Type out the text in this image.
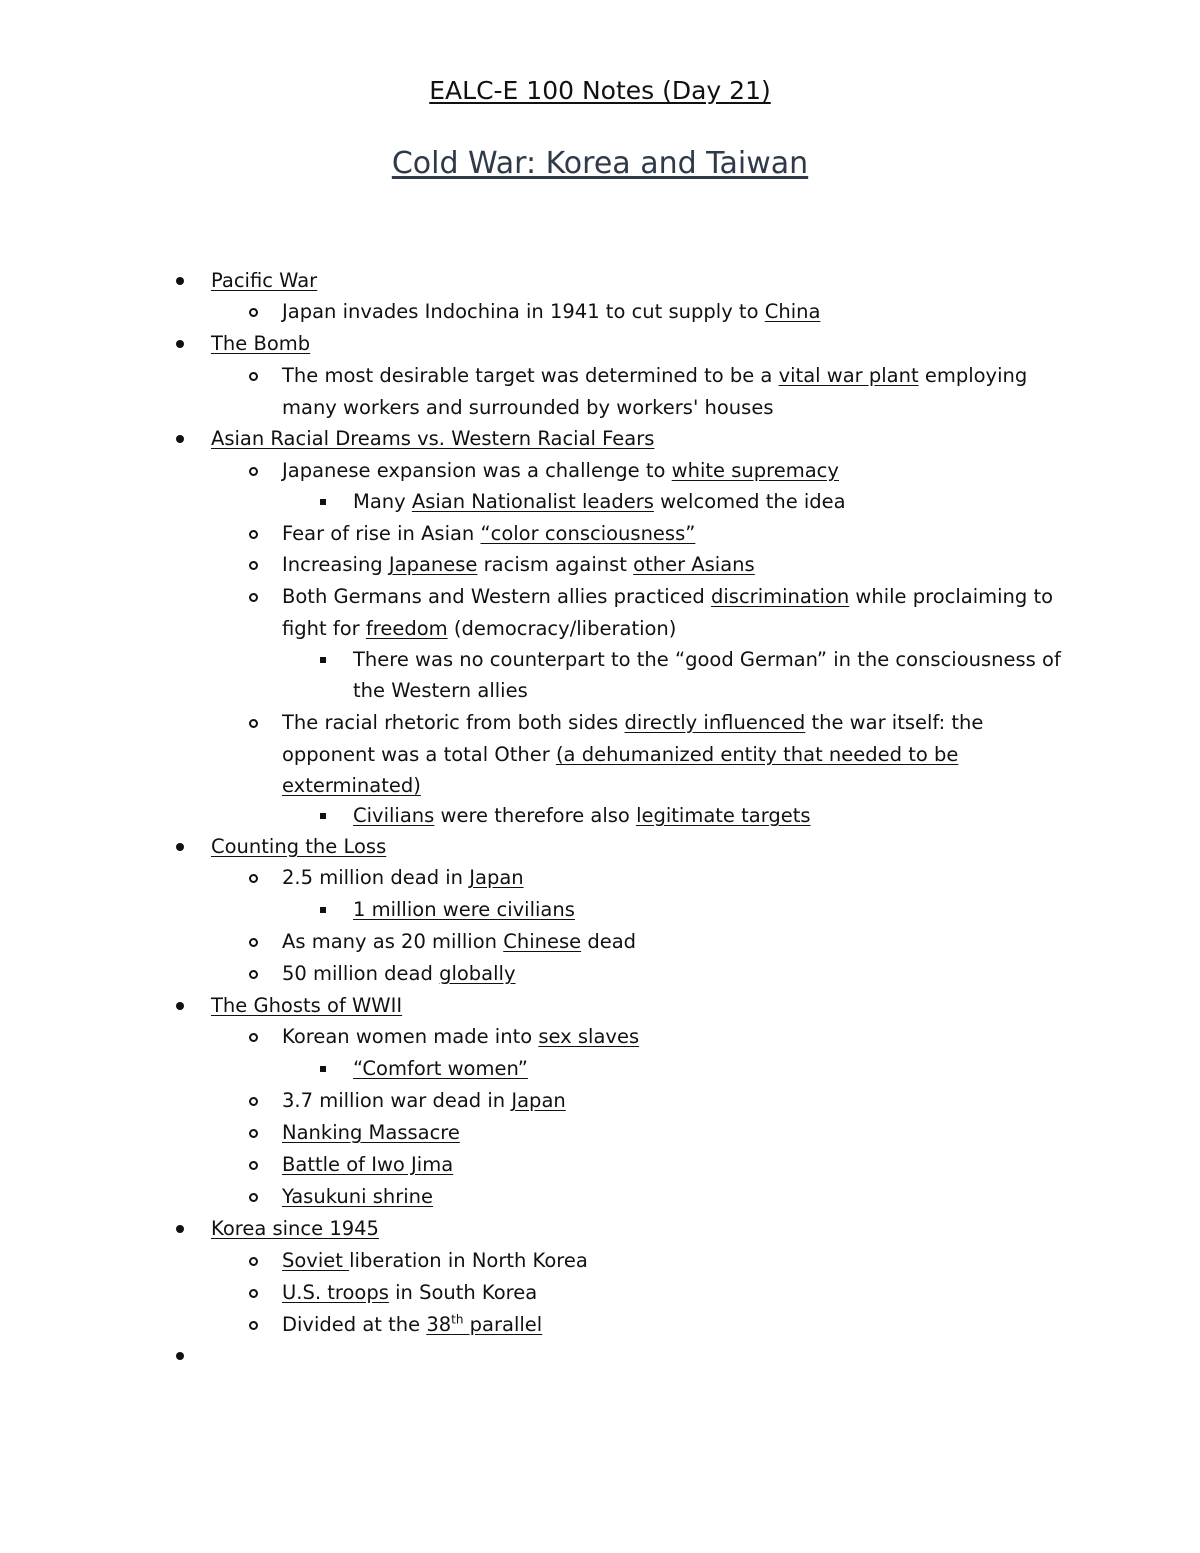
EALC-E 100 Notes (Day 21)
Cold War: Korea and Taiwan
Pacific War
Japan invades Indochina in 1941 to cut supply to China
The Bomb
The most desirable target was determined to be a vital war plant employing
many workers and surrounded by workers' houses
Asian Racial Dreams vs. Western Racial Fears
Japanese expansion was a challenge to white supremacy
Many Asian Nationalist leaders welcomed the idea
Fear of rise in Asian “color consciousness”
Increasing Japanese racism against other Asians
Both Germans and Western allies practiced discrimination while proclaiming to
fight for freedom (democracy/liberation)
There was no counterpart to the “good German” in the consciousness of
the Western allies
The racial rhetoric from both sides directly influenced the war itself: the
opponent was a total Other (a dehumanized entity that needed to be
exterminated)
Civilians were therefore also legitimate targets
Counting the Loss
2.5 million dead in Japan
1 million were civilians
As many as 20 million Chinese dead
50 million dead globally
The Ghosts of WWII
Korean women made into sex slaves
“Comfort women”
3.7 million war dead in Japan
Nanking Massacre
Battle of Iwo Jima
Yasukuni shrine
Korea since 1945
Soviet liberation in North Korea
U.S. troops in South Korea
Divided at the 38th parallel
